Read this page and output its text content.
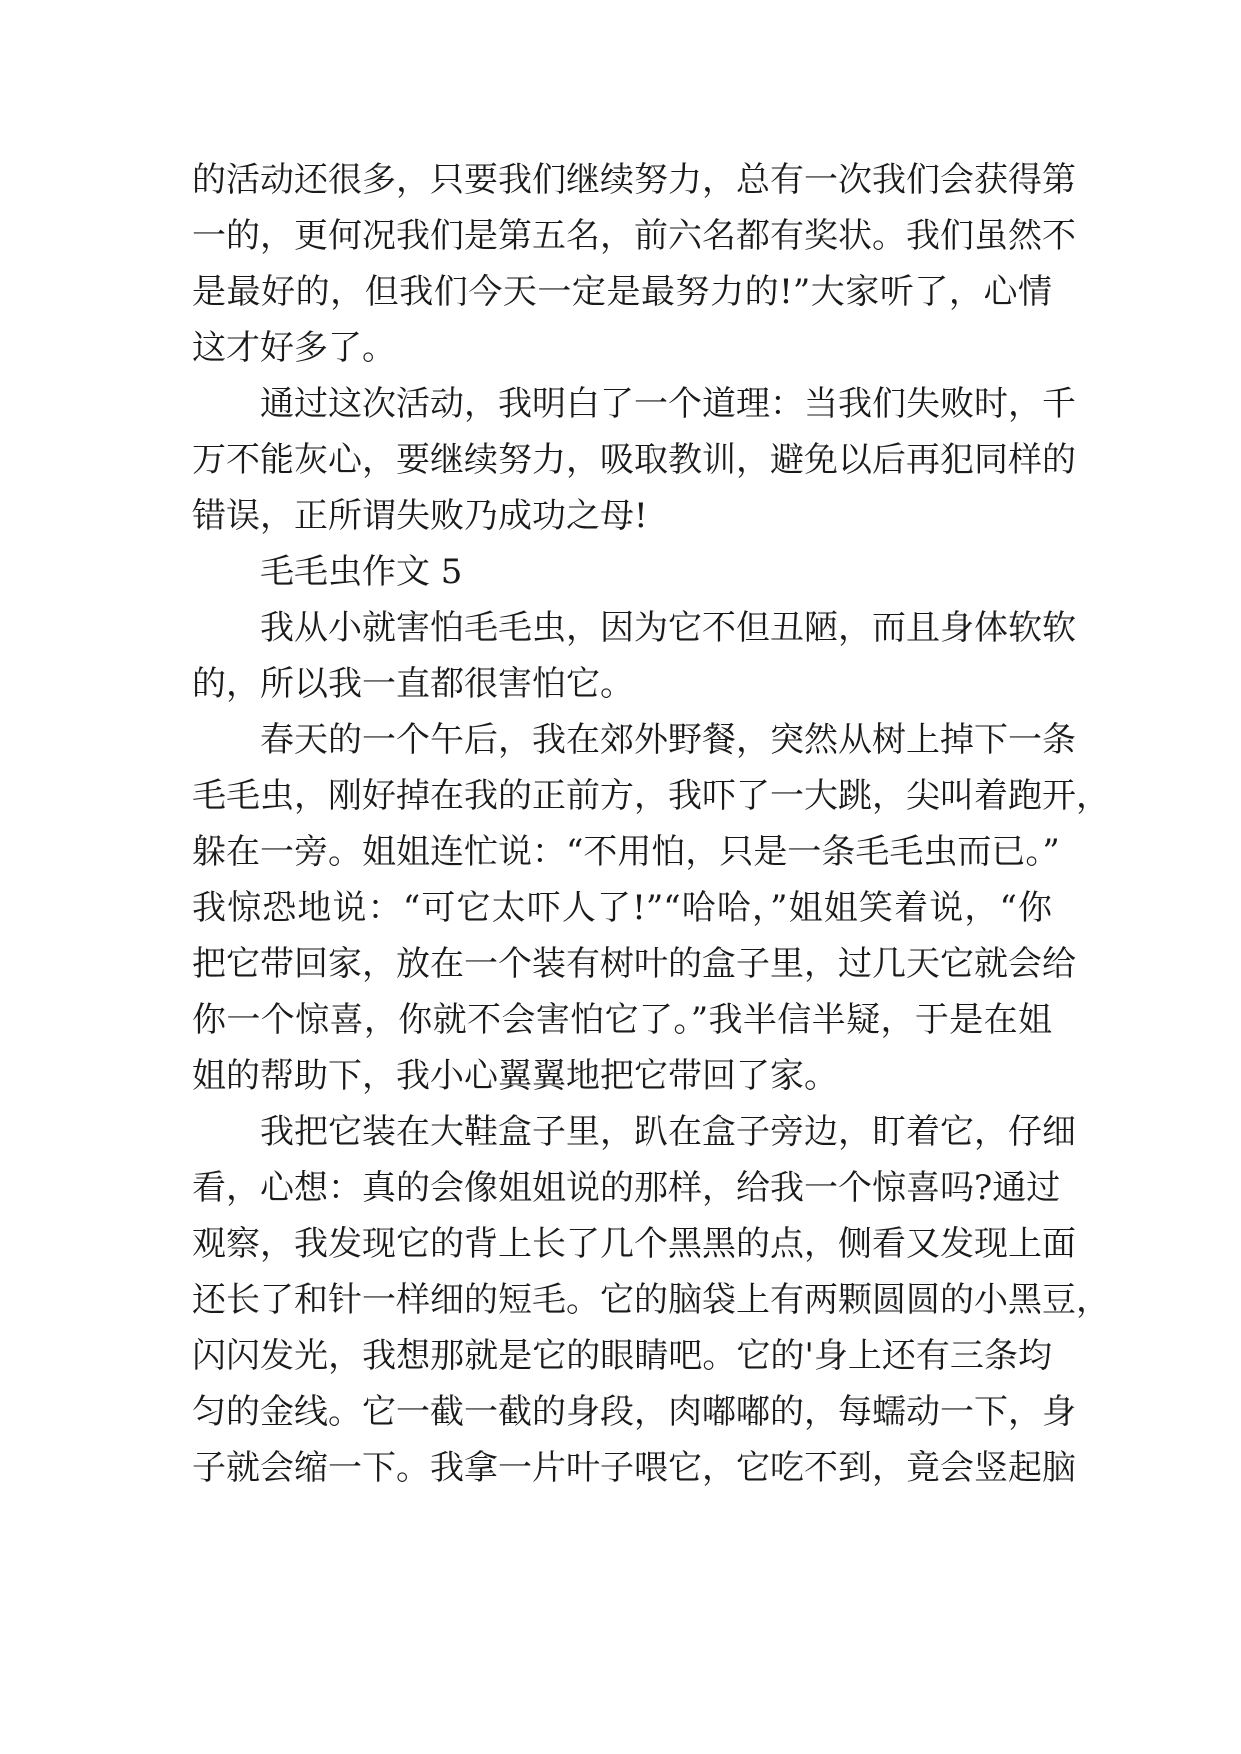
的活动还很多，只要我们继续努力，总有一次我们会获得第
一的，更何况我们是第五名，前六名都有奖状。我们虽然不
是最好的，但我们今天一定是最努力的!”大家听了，心情
这才好多了。
通过这次活动，我明白了一个道理：当我们失败时，千
万不能灰心，要继续努力，吸取教训，避免以后再犯同样的
错误，正所谓失败乃成功之母!
毛毛虫作文 5
我从小就害怕毛毛虫，因为它不但丑陋，而且身体软软
的，所以我一直都很害怕它。
春天的一个午后，我在郊外野餐，突然从树上掉下一条
毛毛虫，刚好掉在我的正前方，我吓了一大跳，尖叫着跑开，
躲在一旁。姐姐连忙说：“不用怕，只是一条毛毛虫而已。”
我惊恐地说：“可它太吓人了!”“哈哈，”姐姐笑着说，“你
把它带回家，放在一个装有树叶的盒子里，过几天它就会给
你一个惊喜，你就不会害怕它了。”我半信半疑，于是在姐
姐的帮助下，我小心翼翼地把它带回了家。
我把它装在大鞋盒子里，趴在盒子旁边，盯着它，仔细
看，心想：真的会像姐姐说的那样，给我一个惊喜吗?通过
观察，我发现它的背上长了几个黑黑的点，侧看又发现上面
还长了和针一样细的短毛。它的脑袋上有两颗圆圆的小黑豆，
闪闪发光，我想那就是它的眼睛吧。它的'身上还有三条均
匀的金线。它一截一截的身段，肉嘟嘟的，每蠕动一下，身
子就会缩一下。我拿一片叶子喂它，它吃不到，竟会竖起脑
